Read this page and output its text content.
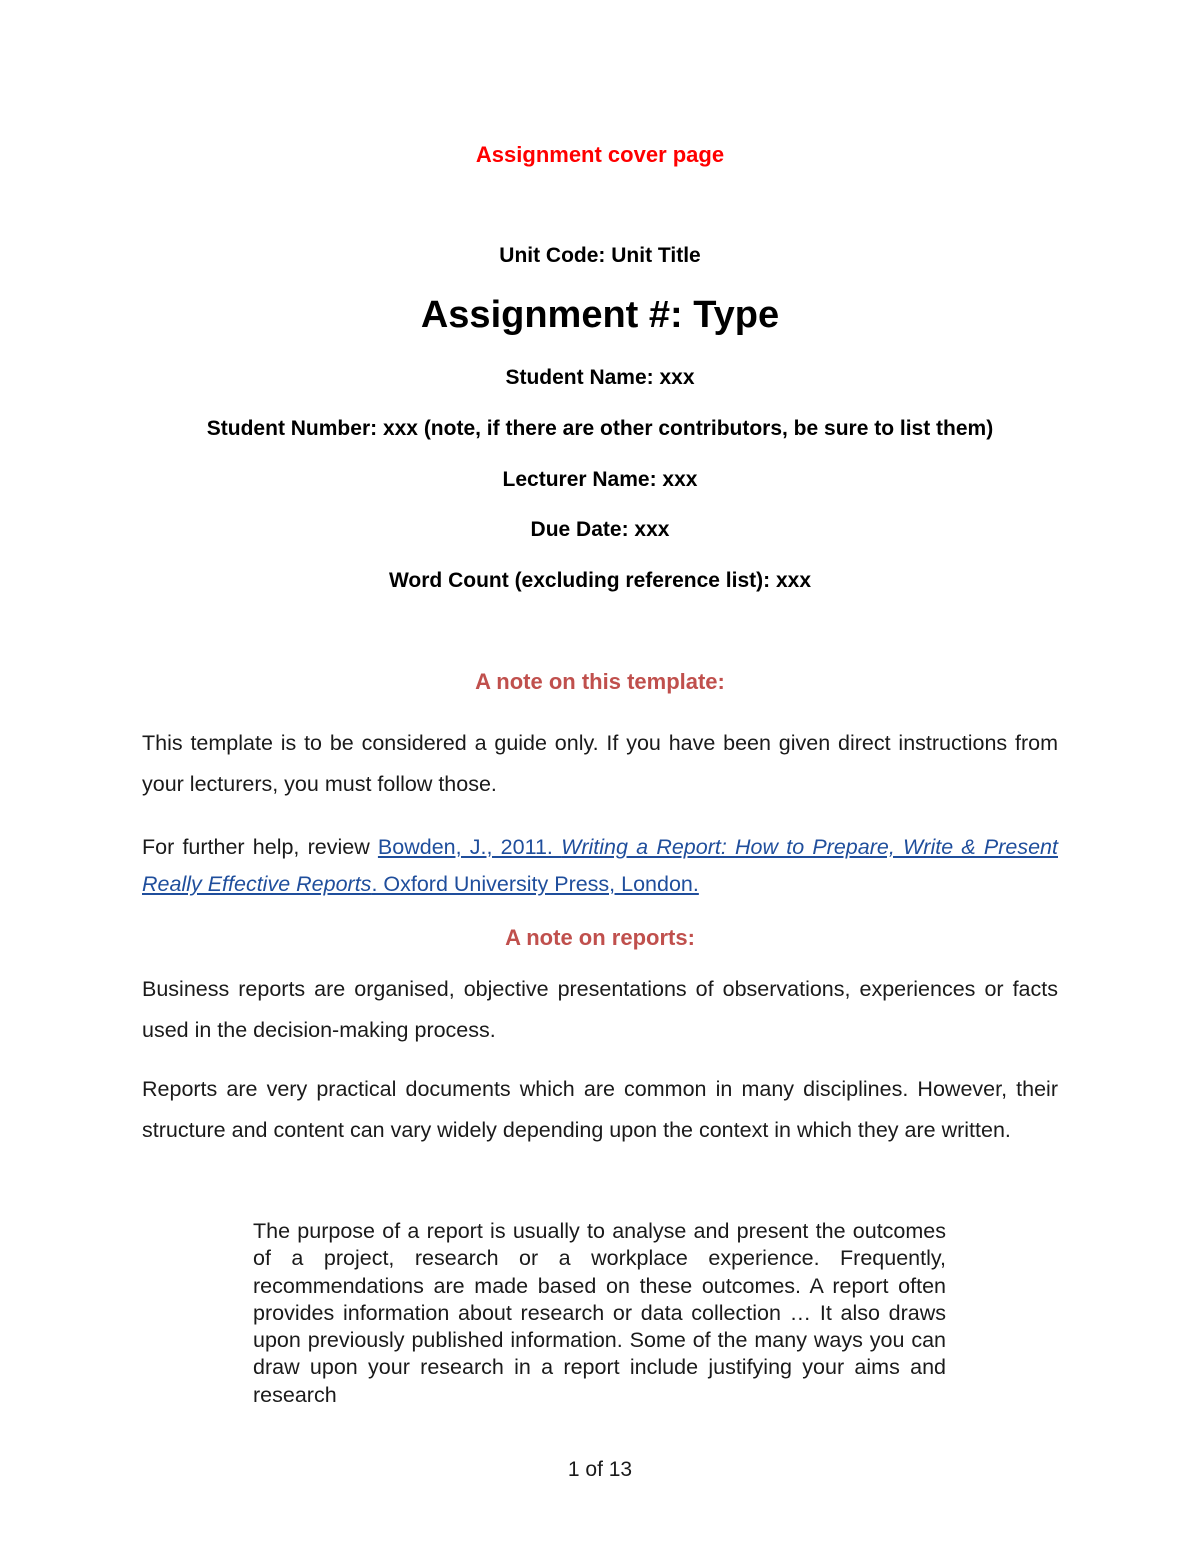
Assignment cover page
Unit Code: Unit Title
Assignment #: Type
Student Name: xxx
Student Number: xxx (note, if there are other contributors, be sure to list them)
Lecturer Name: xxx
Due Date: xxx
Word Count (excluding reference list): xxx
A note on this template:
This template is to be considered a guide only. If you have been given direct instructions from your lecturers, you must follow those.
For further help, review Bowden, J., 2011. Writing a Report: How to Prepare, Write & Present Really Effective Reports. Oxford University Press, London.
A note on reports:
Business reports are organised, objective presentations of observations, experiences or facts used in the decision-making process.
Reports are very practical documents which are common in many disciplines. However, their structure and content can vary widely depending upon the context in which they are written.
The purpose of a report is usually to analyse and present the outcomes of a project, research or a workplace experience. Frequently, recommendations are made based on these outcomes. A report often provides information about research or data collection … It also draws upon previously published information. Some of the many ways you can draw upon your research in a report include justifying your aims and research
1 of 13
